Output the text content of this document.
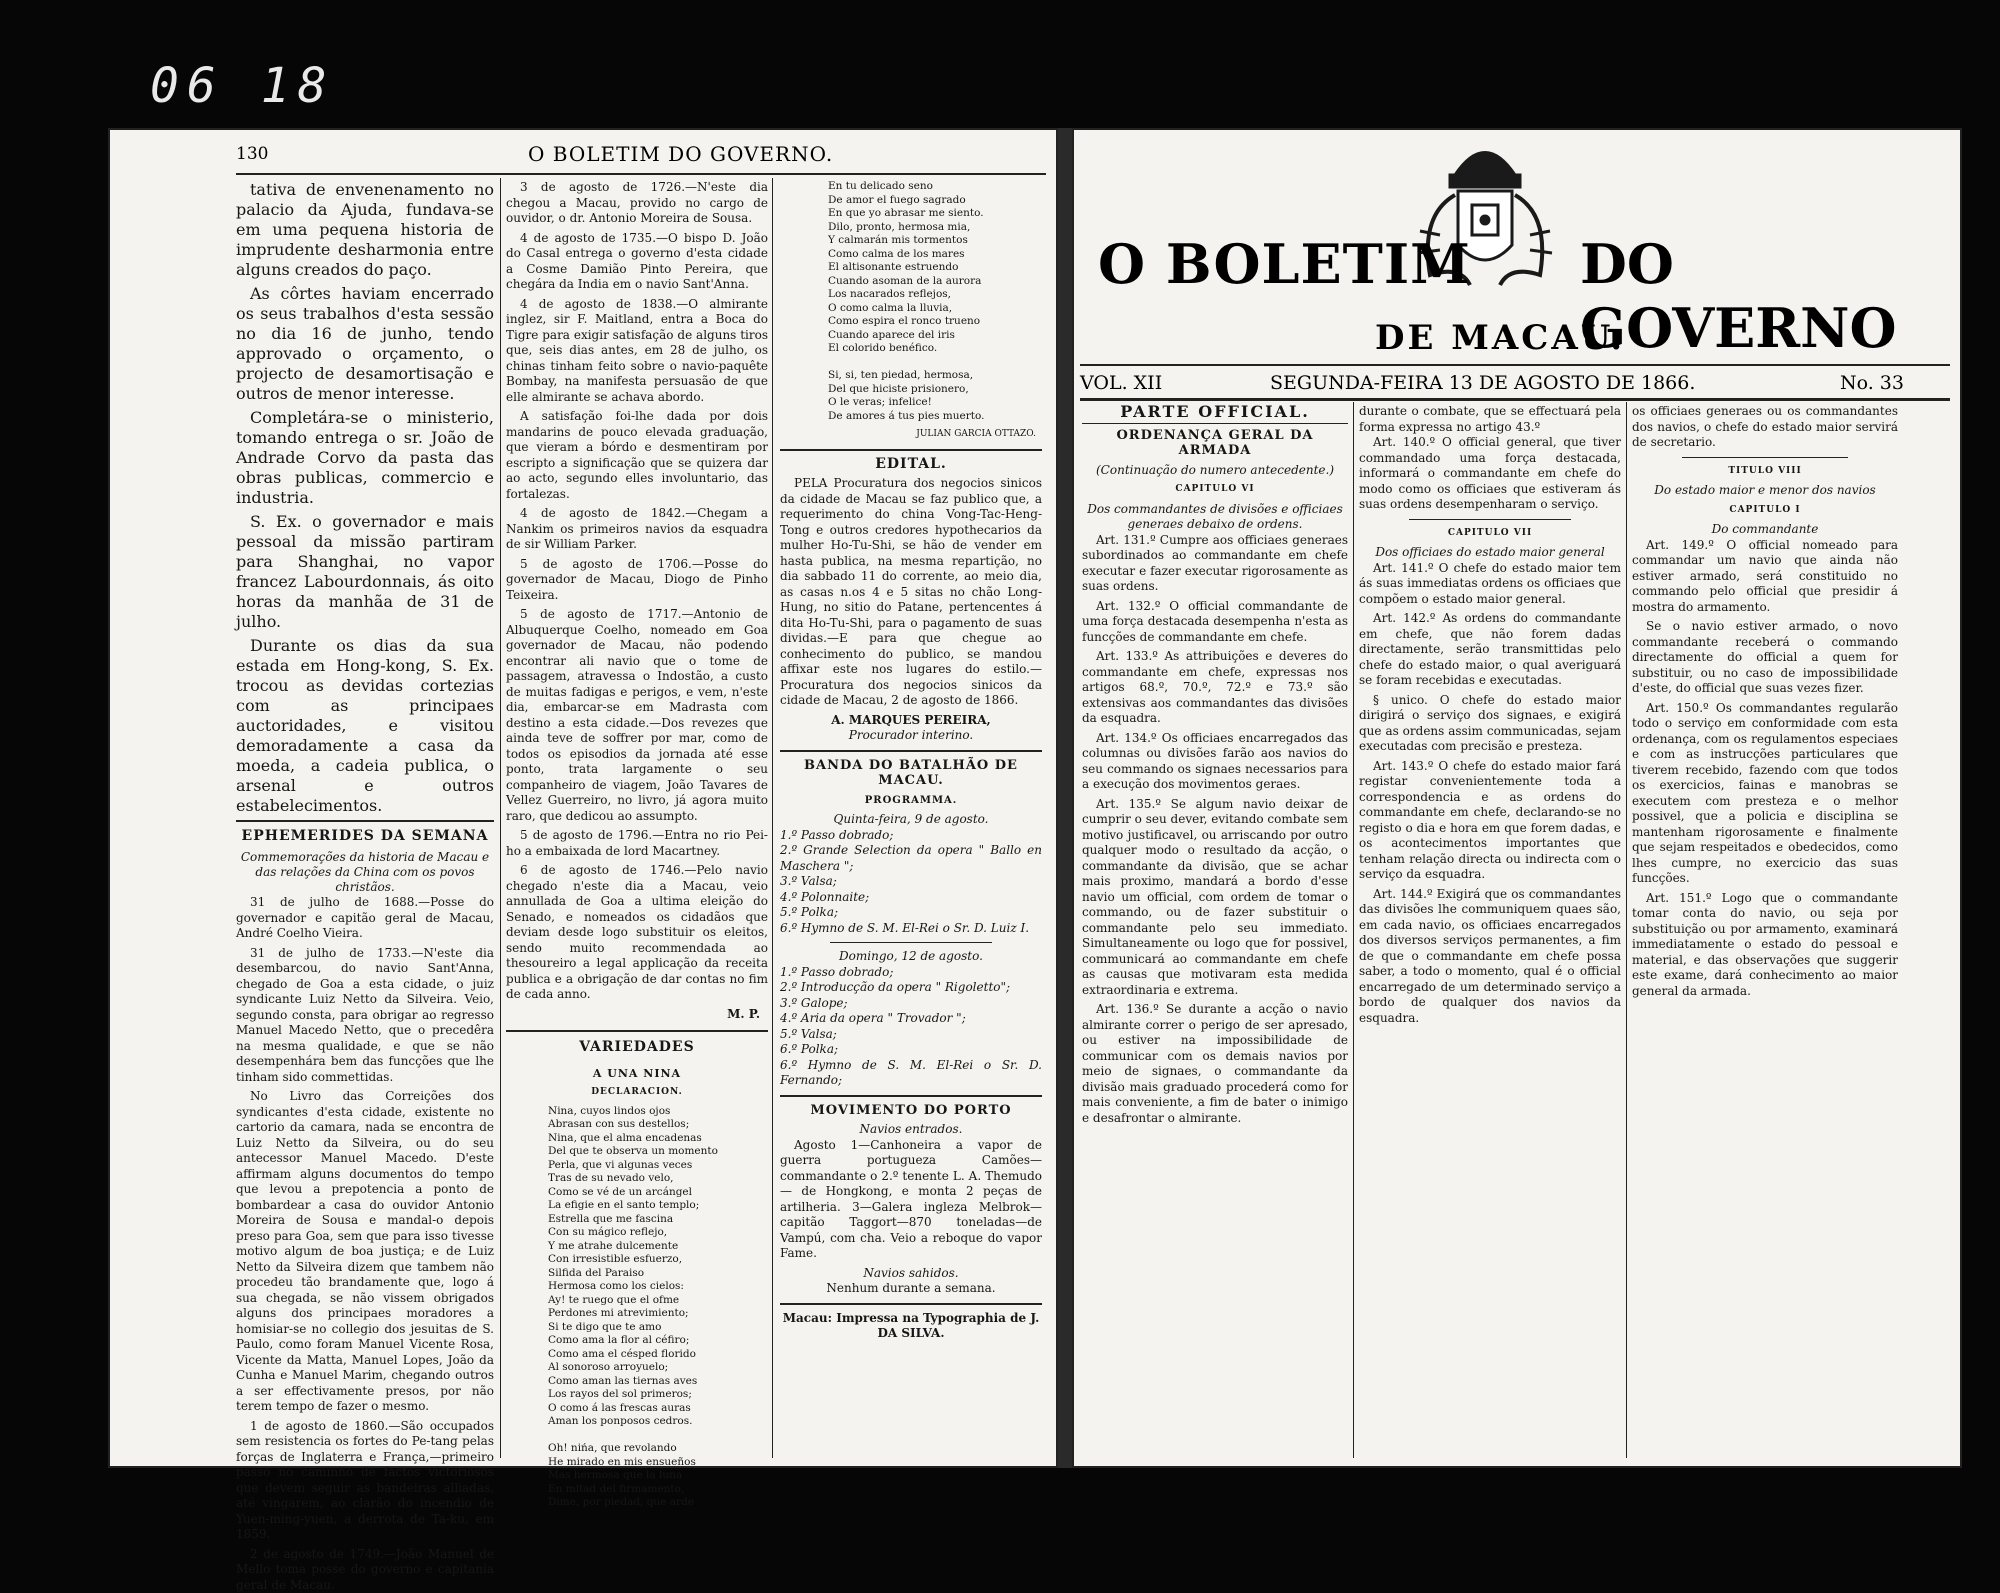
06 18
130	O BOLETIM DO GOVERNO.

tativa de envenenamento no palacio da Ajuda, fundava-se em uma pequena historia de imprudente desharmonia entre alguns creados do paço.

As côrtes haviam encerrado os seus trabalhos d'esta sessão no dia 16 de junho, tendo approvado o orçamento, o projecto de desamortisação e outros de menor interesse.

Completára-se o ministerio, tomando entrega o sr. João de Andrade Corvo da pasta das obras publicas, commercio e industria.

S. Ex. o governador e mais pessoal da missão partiram para Shanghai, no vapor francez Labourdonnais, ás oito horas da manhãa de 31 de julho.

Durante os dias da sua estada em Hong-kong, S. Ex. trocou as devidas cortezias com as principaes auctoridades, e visitou demoradamente a casa da moeda, a cadeia publica, o arsenal e outros estabelecimentos.

EPHEMERIDES DA SEMANA
Commemorações da historia de Macau e das relações da China com os povos christãos.

31 de julho de 1688.—Posse do governador e capitão geral de Macau, André Coelho Vieira.

31 de julho de 1733.—N'este dia desembarcou, do navio Sant'Anna, chegado de Goa a esta cidade, o juiz syndicante Luiz Netto da Silveira. Veio, segundo consta, para obrigar ao regresso Manuel Macedo Netto, que o precedêra na mesma qualidade, e que se não desempenhára bem das funcções que lhe tinham sido commettidas.

No Livro das Correições dos syndicantes d'esta cidade, existente no cartorio da camara, nada se encontra de Luiz Netto da Silveira, ou do seu antecessor Manuel Macedo. D'este affirmam alguns documentos do tempo que levou a prepotencia a ponto de bombardear a casa do ouvidor Antonio Moreira de Sousa e mandal-o depois preso para Goa, sem que para isso tivesse motivo algum de boa justiça; e de Luiz Netto da Silveira dizem que tambem não procedeu tão brandamente que, logo á sua chegada, se não vissem obrigados alguns dos principaes moradores a homisiar-se no collegio dos jesuitas de S. Paulo, como foram Manuel Vicente Rosa, Vicente da Matta, Manuel Lopes, João da Cunha e Manuel Marim, chegando outros a ser effectivamente presos, por não terem tempo de fazer o mesmo.

1 de agosto de 1860.—São occupados sem resistencia os fortes do Pe-tang pelas forças de Inglaterra e França,—primeiro passo no caminho de factos victoriosos que devem seguir as bandeiras alliadas, até vingarem, ao clarão do incendio de Yuen-ming-yuen, a derrota de Ta-ku, em 1859.

2 de agosto de 1749.—João Manuel de Mello toma posse do governo e capitania geral de Macau.

3 de agosto de 1726.—N'este dia chegou a Macau, provido no cargo de ouvidor, o dr. Antonio Moreira de Sousa.

4 de agosto de 1735.—O bispo D. João do Casal entrega o governo d'esta cidade a Cosme Damião Pinto Pereira, que chegára da India em o navio Sant'Anna.

4 de agosto de 1838.—O almirante inglez, sir F. Maitland, entra a Boca do Tigre para exigir satisfação de alguns tiros que, seis dias antes, em 28 de julho, os chinas tinham feito sobre o navio-paquête Bombay, na manifesta persuasão de que elle almirante se achava abordo.

A satisfação foi-lhe dada por dois mandarins de pouco elevada graduação, que vieram a bórdo e desmentiram por escripto a significação que se quizera dar ao acto, segundo elles involuntario, das fortalezas.

4 de agosto de 1842.—Chegam a Nankim os primeiros navios da esquadra de sir William Parker.

5 de agosto de 1706.—Posse do governador de Macau, Diogo de Pinho Teixeira.

5 de agosto de 1717.—Antonio de Albuquerque Coelho, nomeado em Goa governador de Macau, não podendo encontrar ali navio que o tome de passagem, atravessa o Indostão, a custo de muitas fadigas e perigos, e vem, n'este dia, embarcar-se em Madrasta com destino a esta cidade.—Dos revezes que ainda teve de soffrer por mar, como de todos os episodios da jornada até esse ponto, trata largamente o seu companheiro de viagem, João Tavares de Vellez Guerreiro, no livro, já agora muito raro, que dedicou ao assumpto.

5 de agosto de 1796.—Entra no rio Pei-ho a embaixada de lord Macartney.

6 de agosto de 1746.—Pelo navio chegado n'este dia a Macau, veio annullada de Goa a ultima eleição do Senado, e nomeados os cidadãos que deviam desde logo substituir os eleitos, sendo muito recommendada ao thesoureiro a legal applicação da receita publica e a obrigação de dar contas no fim de cada anno.

M. P.
VARIEDADES
A UNA NINA
DECLARACION.
Nina, cuyos lindos ojos
Abrasan con sus destellos;
Nina, que el alma encadenas
Del que te observa un momento
Perla, que vi algunas veces
Tras de su nevado velo,
Como se vé de un arcángel
La efigie en el santo templo;
Estrella que me fascina
Con su mágico reflejo,
Y me atrahe dulcemente
Con irresistible esfuerzo,
Silfida del Paraiso
Hermosa como los cielos:
Ay! te ruego que el ofme
Perdones mi atrevimiento;
Si te digo que te amo
Como ama la flor al céfiro;
Como ama el césped florido
Al sonoroso arroyuelo;
Como aman las tiernas aves
Los rayos del sol primeros;
O como á las frescas auras
Aman los ponposos cedros.

Oh! nińa, que revolando
He mirado en mis ensueños
Mas hermosa que la luna
En mitad del firmamento,
Dime, por piedad, que arde
En tu delicado seno
De amor el fuego sagrado
En que yo abrasar me siento.
Dilo, pronto, hermosa mia,
Y calmarán mis tormentos
Como calma de los mares
El altisonante estruendo
Cuando asoman de la aurora
Los nacarados reflejos,
O como calma la lluvia,
Como espira el ronco trueno
Cuando aparece del iris
El colorido benéfico.

Si, si, ten piedad, hermosa,
Del que hiciste prisionero,
O le veras; infelice!
De amores á tus pies muerto.
JULIAN GARCIA OTTAZO.
EDITAL.

PELA Procuratura dos negocios sinicos da cidade de Macau se faz publico que, a requerimento do china Vong-Tac-Heng-Tong e outros credores hypothecarios da mulher Ho-Tu-Shi, se hão de vender em hasta publica, na mesma repartição, no dia sabbado 11 do corrente, ao meio dia, as casas n.os 4 e 5 sitas no chão Long-Hung, no sitio do Patane, pertencentes á dita Ho-Tu-Shi, para o pagamento de suas dividas.—E para que chegue ao conhecimento do publico, se mandou affixar este nos lugares do estilo.—Procuratura dos negocios sinicos da cidade de Macau, 2 de agosto de 1866.

A. MARQUES PEREIRA,
Procurador interino.
BANDA DO BATALHÃO DE MACAU.
PROGRAMMA.
Quinta-feira, 9 de agosto.
1.º Passo dobrado;
2.º Grande Selection da opera " Ballo en Maschera ";
3.º Valsa;
4.º Polonnaite;
5.º Polka;
6.º Hymno de S. M. El-Rei o Sr. D. Luiz I.
Domingo, 12 de agosto.
1.º Passo dobrado;
2.º Introducção da opera " Rigoletto";
3.º Galope;
4.º Aria da opera " Trovador ";
5.º Valsa;
6.º Polka;
6.º Hymno de S. M. El-Rei o Sr. D. Fernando;
MOVIMENTO DO PORTO
Navios entrados.

Agosto 1—Canhoneira a vapor de guerra portugueza Camões—commandante o 2.º tenente L. A. Themudo— de Hongkong, e monta 2 peças de artilheria. 3—Galera ingleza Melbrok—capitão Taggort—870 toneladas—de Vampú, com cha. Veio a reboque do vapor Fame.

Navios sahidos.
Nenhum durante a semana.
Macau: Impressa na Typographia de J. DA SILVA.
O BOLETIM DO GOVERNO
DE MACAU.
VOL. XII	SEGUNDA-FEIRA 13 DE AGOSTO DE 1866.	No. 33
PARTE OFFICIAL.
ORDENANÇA GERAL DA ARMADA
(Continuação do numero antecedente.)
CAPITULO VI
Dos commandantes de divisões e officiaes generaes debaixo de ordens.

Art. 131.º Cumpre aos officiaes generaes subordinados ao commandante em chefe executar e fazer executar rigorosamente as suas ordens.

Art. 132.º O official commandante de uma força destacada desempenha n'esta as funcções de commandante em chefe.

Art. 133.º As attribuições e deveres do commandante em chefe, expressas nos artigos 68.º, 70.º, 72.º e 73.º são extensivas aos commandantes das divisões da esquadra.

Art. 134.º Os officiaes encarregados das columnas ou divisões farão aos navios do seu commando os signaes necessarios para a execução dos movimentos geraes.

Art. 135.º Se algum navio deixar de cumprir o seu dever, evitando combate sem motivo justificavel, ou arriscando por outro qualquer modo o resultado da acção, o commandante da divisão, que se achar mais proximo, mandará a bordo d'esse navio um official, com ordem de tomar o commando, ou de fazer substituir o commandante pelo seu immediato. Simultaneamente ou logo que for possivel, communicará ao commandante em chefe as causas que motivaram esta medida extraordinaria e extrema.

Art. 136.º Se durante a acção o navio almirante correr o perigo de ser apresado, ou estiver na impossibilidade de communicar com os demais navios por meio de signaes, o commandante da divisão mais graduado procederá como for mais conveniente, a fim de bater o inimigo e desafrontar o almirante.

durante o combate, que se effectuará pela forma expressa no artigo 43.º

Art. 140.º O official general, que tiver commandado uma força destacada, informará o commandante em chefe do modo como os officiaes que estiveram ás suas ordens desempenharam o serviço.

CAPITULO VII
Dos officiaes do estado maior general

Art. 141.º O chefe do estado maior tem ás suas immediatas ordens os officiaes que compõem o estado maior general.

Art. 142.º As ordens do commandante em chefe, que não forem dadas directamente, serão transmittidas pelo chefe do estado maior, o qual averiguará se foram recebidas e executadas.

§ unico. O chefe do estado maior dirigirá o serviço dos signaes, e exigirá que as ordens assim communicadas, sejam executadas com precisão e presteza.

Art. 143.º O chefe do estado maior fará registar convenientemente toda a correspondencia e as ordens do commandante em chefe, declarando-se no registo o dia e hora em que forem dadas, e os acontecimentos importantes que tenham relação directa ou indirecta com o serviço da esquadra.

Art. 144.º Exigirá que os commandantes das divisões lhe communiquem quaes são, em cada navio, os officiaes encarregados dos diversos serviços permanentes, a fim de que o commandante em chefe possa saber, a todo o momento, qual é o official encarregado de um determinado serviço a bordo de qualquer dos navios da esquadra.

os officiaes generaes ou os commandantes dos navios, o chefe do estado maior servirá de secretario.
TITULO VIII
Do estado maior e menor dos navios
CAPITULO I
Do commandante

Art. 149.º O official nomeado para commandar um navio que ainda não estiver armado, será constituido no commando pelo official que presidir á mostra do armamento.

Se o navio estiver armado, o novo commandante receberá o commando directamente do official a quem for substituir, ou no caso de impossibilidade d'este, do official que suas vezes fizer.

Art. 150.º Os commandantes regularão todo o serviço em conformidade com esta ordenança, com os regulamentos especiaes e com as instrucções particulares que tiverem recebido, fazendo com que todos os exercicios, fainas e manobras se executem com presteza e o melhor possivel, que a policia e disciplina se mantenham rigorosamente e finalmente que sejam respeitados e obedecidos, como lhes cumpre, no exercicio das suas funcções.

Art. 151.º Logo que o commandante tomar conta do navio, ou seja por substituição ou por armamento, examinará immediatamente o estado do pessoal e material, e das observações que suggerir este exame, dará conhecimento ao maior general da armada.
